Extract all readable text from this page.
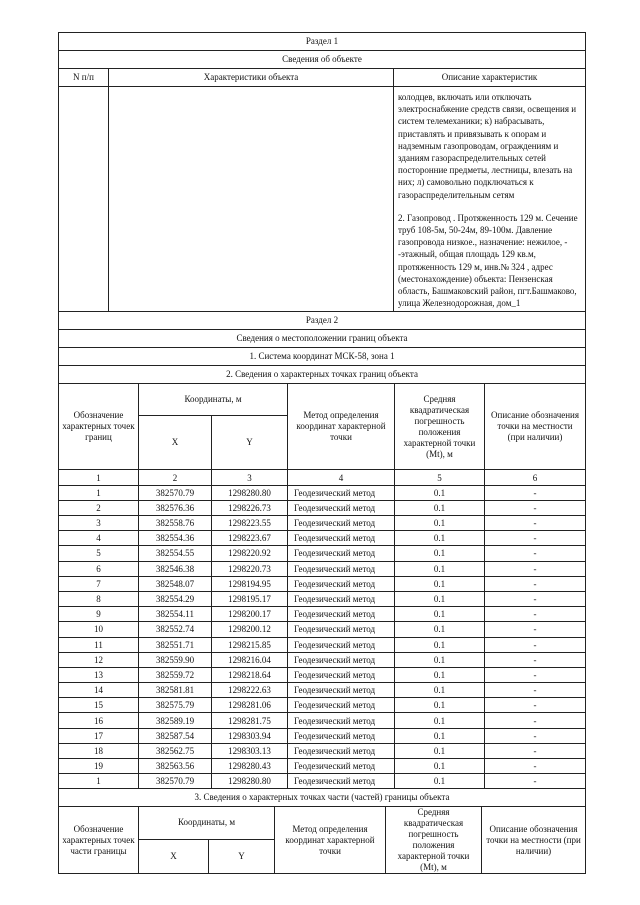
Раздел 1		
Сведения об объекте		
N п/п	Характеристики объекта	Описание характеристик

		колодцев, включать или отключать электроснабжение средств связи, освещения и систем телемеханики; к) набрасывать, приставлять и привязывать к опорам и надземным газопроводам, ограждениям и зданиям газораспределительных сетей посторонние предметы, лестницы, влезать на них; л) самовольно подключаться к газораспределительным сетям
2. Газопровод . Протяженность 129 м. Сечение труб 108-5м, 50-24м, 89-100м. Давление газопровода низкое., назначение: нежилое, - -этажный, общая площадь 129 кв.м, протяженность 129 м, инв.№ 324 , адрес (местонахождение) объекта: Пензенская область, Башмаковский район, пгт.Башмаково, улица Железнодорожная, дом_1
Раздел 2					
Сведения о местоположении границ объекта					
1. Система координат МСК-58, зона 1					
2. Сведения о характерных точках границ объекта					
Обозначение характерных точек границ	Координаты, м		Метод определения координат характерной точки	Средняя квадратическая погрешность положения характерной точки (Mt), м	Описание обозначения точки на местности (при наличии)
	X	Y			
1	2	3	4	5	6
1	382570.79	1298280.80	Геодезический метод	0.1	-
2	382576.36	1298226.73	Геодезический метод	0.1	-
3	382558.76	1298223.55	Геодезический метод	0.1	-
4	382554.36	1298223.67	Геодезический метод	0.1	-
5	382554.55	1298220.92	Геодезический метод	0.1	-
6	382546.38	1298220.73	Геодезический метод	0.1	-
7	382548.07	1298194.95	Геодезический метод	0.1	-
8	382554.29	1298195.17	Геодезический метод	0.1	-
9	382554.11	1298200.17	Геодезический метод	0.1	-
10	382552.74	1298200.12	Геодезический метод	0.1	-
11	382551.71	1298215.85	Геодезический метод	0.1	-
12	382559.90	1298216.04	Геодезический метод	0.1	-
13	382559.72	1298218.64	Геодезический метод	0.1	-
14	382581.81	1298222.63	Геодезический метод	0.1	-
15	382575.79	1298281.06	Геодезический метод	0.1	-
16	382589.19	1298281.75	Геодезический метод	0.1	-
17	382587.54	1298303.94	Геодезический метод	0.1	-
18	382562.75	1298303.13	Геодезический метод	0.1	-
19	382563.56	1298280.43	Геодезический метод	0.1	-
1	382570.79	1298280.80	Геодезический метод	0.1	-
3. Сведения о характерных точках части (частей) границы объекта					
Обозначение характерных точек части границы	Координаты, м		Метод определения координат характерной точки	Средняя квадратическая погрешность положения характерной точки (Mt), м	Описание обозначения точки на местности (при наличии)
	X	Y			
